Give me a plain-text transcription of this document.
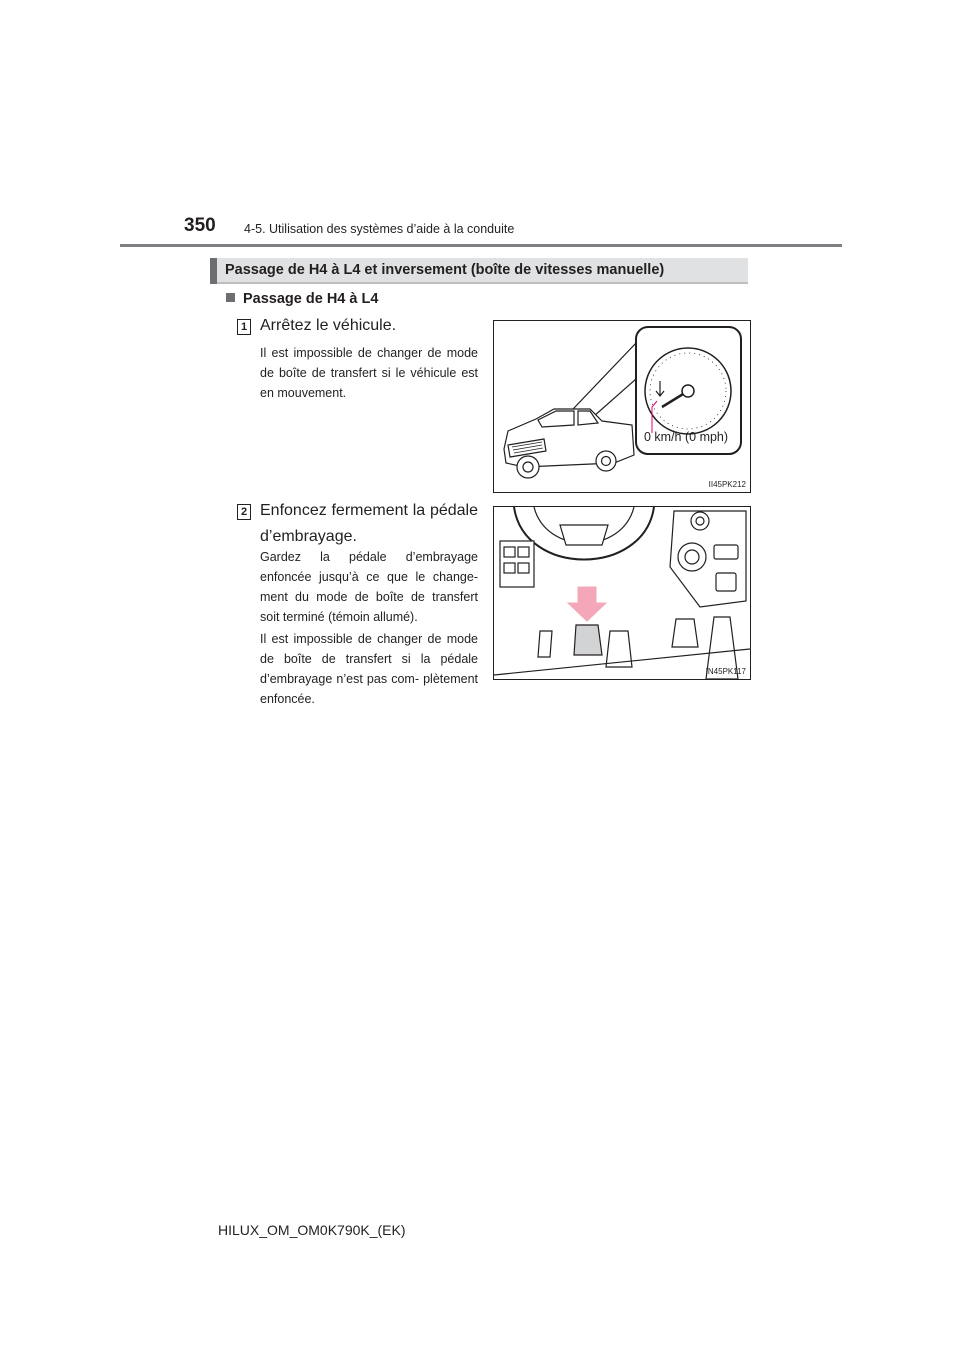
350 4-5. Utilisation des systèmes d’aide à la conduite
Passage de H4 à L4 et inversement (boîte de vitesses manuelle)
Passage de H4 à L4
1 Arrêtez le véhicule.
Il est impossible de changer de mode de boîte de transfert si le véhicule est en mouvement.
0 km/h (0 mph)
II45PK212
2 Enfoncez fermement la pédale d’embrayage.
Gardez la pédale d’embrayage enfoncée jusqu’à ce que le change- ment du mode de boîte de transfert soit terminé (témoin allumé).
Il est impossible de changer de mode de boîte de transfert si la pédale d’embrayage n’est pas com- plètement enfoncée.
IN45PK117
HILUX_OM_OM0K790K_(EK)
